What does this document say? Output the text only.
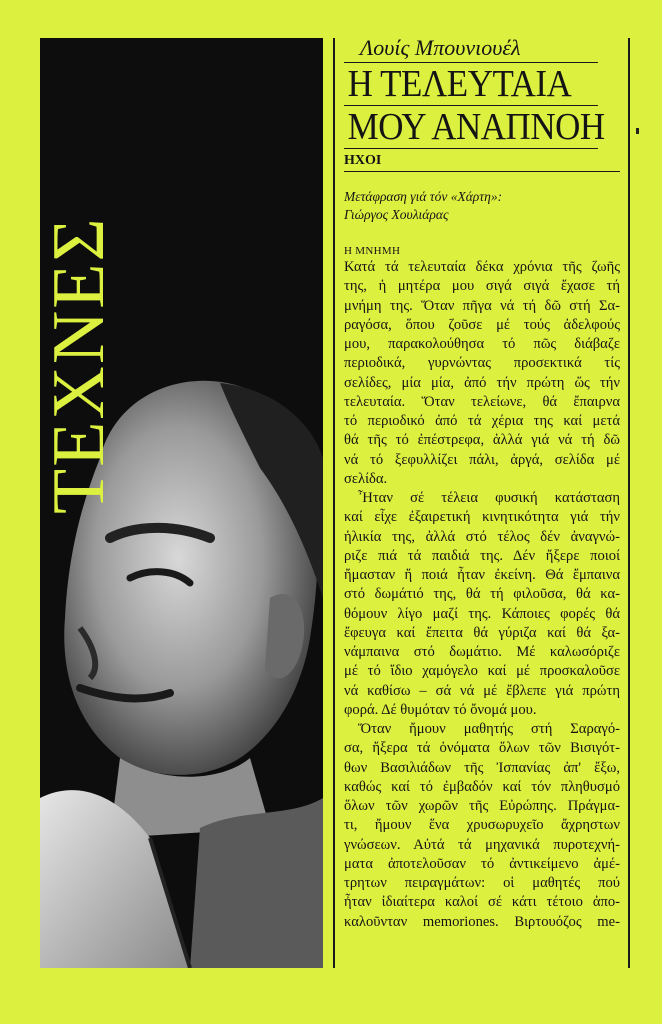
ΤΕΧΝΕΣ

Λουίς Μπουνιουέλ

Η ΤΕΛΕΥΤΑΙΑ

ΜΟΥ ΑΝΑΠΝΟΗ

ΗΧΟΙ

Μετάφραση γιά τόν «Χάρτη»:
Γιώργος Χουλιάρας

Η ΜΝΗΜΗ

Κατά τά τελευταία δέκα χρόνια τῆς ζωῆς
της, ἡ μητέρα μου σιγά σιγά ἔχασε τή
μνήμη της. Ὅταν πῆγα νά τή δῶ στή Σα-
ραγόσα, ὅπου ζοῦσε μέ τούς ἀδελφούς
μου, παρακολούθησα τό πῶς διάβαζε
περιοδικά, γυρνώντας προσεκτικά τίς
σελίδες, μία μία, ἀπό τήν πρώτη ὥς τήν
τελευταία. Ὅταν τελείωνε, θά ἔπαιρνα
τό περιοδικό ἀπό τά χέρια της καί μετά
θά τῆς τό ἐπέστρεφα, ἀλλά γιά νά τή δῶ
νά τό ξεφυλλίζει πάλι, ἀργά, σελίδα μέ
σελίδα.
Ἦταν σέ τέλεια φυσική κατάσταση
καί εἶχε ἐξαιρετική κινητικότητα γιά τήν
ἡλικία της, ἀλλά στό τέλος δέν ἀναγνώ-
ριζε πιά τά παιδιά της. Δέν ἤξερε ποιοί
ἤμασταν ἤ ποιά ἦταν ἐκείνη. Θά ἔμπαινα
στό δωμάτιό της, θά τή φιλοῦσα, θά κα-
θόμουν λίγο μαζί της. Κάποιες φορές θά
ἔφευγα καί ἔπειτα θά γύριζα καί θά ξα-
νάμπαινα στό δωμάτιο. Μέ καλωσόριζε
μέ τό ἴδιο χαμόγελο καί μέ προσκαλοῦσε
νά καθίσω – σά νά μέ ἔβλεπε γιά πρώτη
φορά. Δέ θυμόταν τό ὄνομά μου.
Ὅταν ἤμουν μαθητής στή Σαραγό-
σα, ἤξερα τά ὀνόματα ὅλων τῶν Βισιγότ-
θων Βασιλιάδων τῆς Ἰσπανίας ἀπ' ἔξω,
καθώς καί τό ἐμβαδόν καί τόν πληθυσμό
ὅλων τῶν χωρῶν τῆς Εὐρώπης. Πράγμα-
τι, ἤμουν ἕνα χρυσωρυχεῖο ἄχρηστων
γνώσεων. Αὐτά τά μηχανικά πυροτεχνή-
ματα ἀποτελοῦσαν τό ἀντικείμενο ἀμέ-
τρητων πειραγμάτων: οἱ μαθητές πού
ἦταν ἰδιαίτερα καλοί σέ κάτι τέτοιο ἀπο-
καλοῦνταν memoriones. Βιρτουόζος me-
